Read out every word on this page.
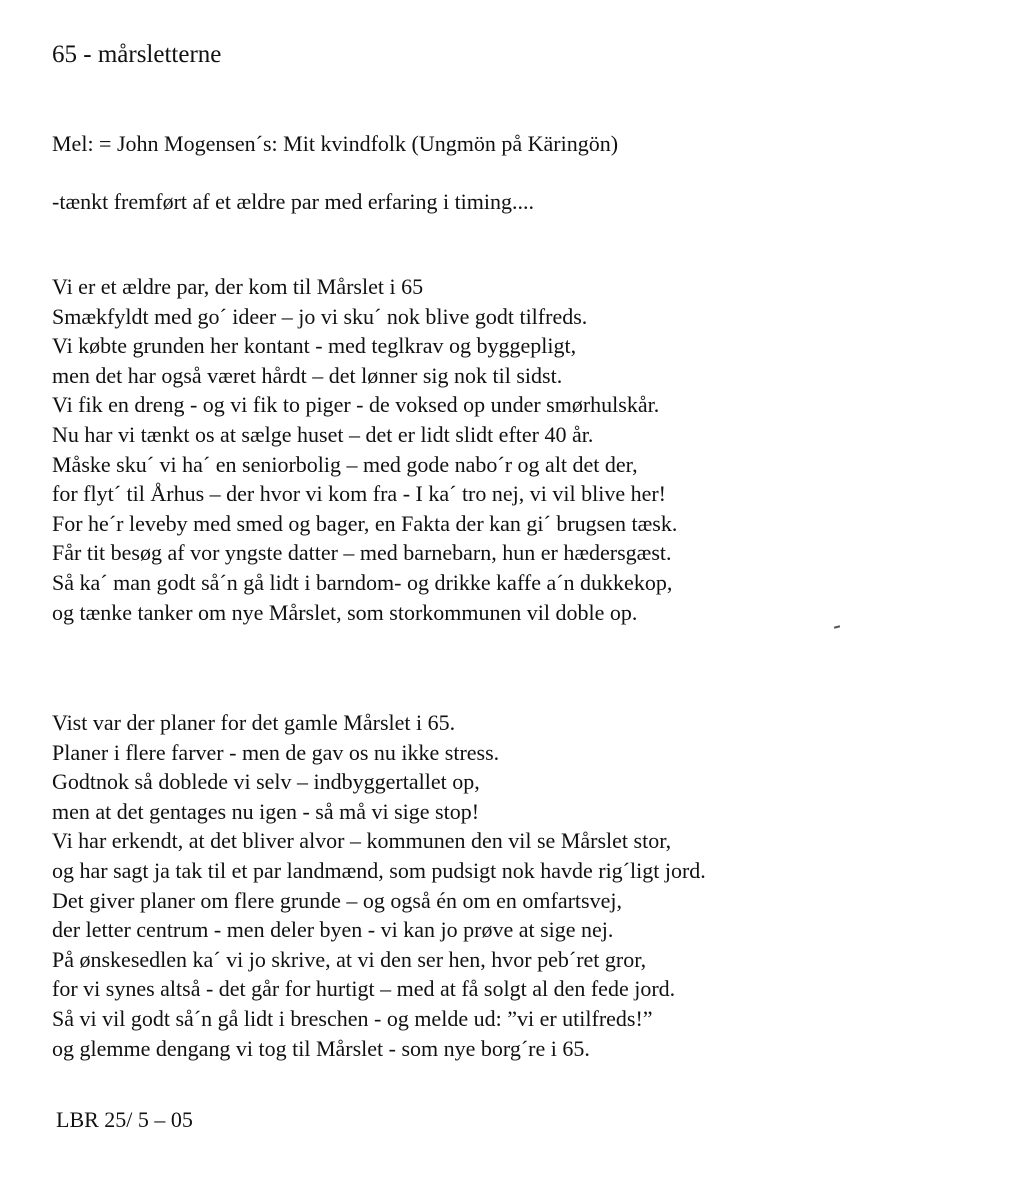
65 - mårsletterne
Mel: = John Mogensen´s: Mit kvindfolk (Ungmön på Käringön)
-tænkt fremført af et ældre par med erfaring i timing....
Vi er et ældre par, der kom til Mårslet i 65
Smækfyldt med go´ ideer – jo vi sku´ nok blive godt tilfreds.
Vi købte grunden her kontant - med teglkrav og byggepligt,
men det har også været hårdt – det lønner sig nok til sidst.
Vi fik en dreng - og vi fik to piger - de voksed op under smørhulskår.
Nu har vi tænkt os at sælge huset – det er lidt slidt efter 40 år.
Måske sku´ vi ha´ en seniorbolig – med gode nabo´r og alt det der,
for flyt´ til Århus – der hvor vi kom fra - I ka´ tro nej, vi vil blive her!
For he´r leveby med smed og bager, en Fakta der kan gi´ brugsen tæsk.
Får tit besøg af vor yngste datter – med barnebarn, hun er hædersgæst.
Så ka´ man godt så´n gå lidt i barndom- og drikke kaffe a´n dukkekop,
og tænke tanker om nye Mårslet, som storkommunen vil doble op.
Vist var der planer for det gamle Mårslet i 65.
Planer i flere farver - men de gav os nu ikke stress.
Godtnok så doblede vi selv – indbyggertallet op,
men at det gentages nu igen - så må vi sige stop!
Vi har erkendt, at det bliver alvor – kommunen den vil se Mårslet stor,
og har sagt ja tak til et par landmænd, som pudsigt nok havde rig´ligt jord.
Det giver planer om flere grunde – og også én om en omfartsvej,
der letter centrum - men deler byen - vi kan jo prøve at sige nej.
På ønskesedlen ka´ vi jo skrive, at vi den ser hen, hvor peb´ret gror,
for vi synes altså - det går for hurtigt – med at få solgt al den fede jord.
Så vi vil godt så´n gå lidt i breschen - og melde ud: ”vi er utilfreds!”
og glemme dengang vi tog til Mårslet - som nye borg´re i 65.
LBR 25/ 5 – 05
